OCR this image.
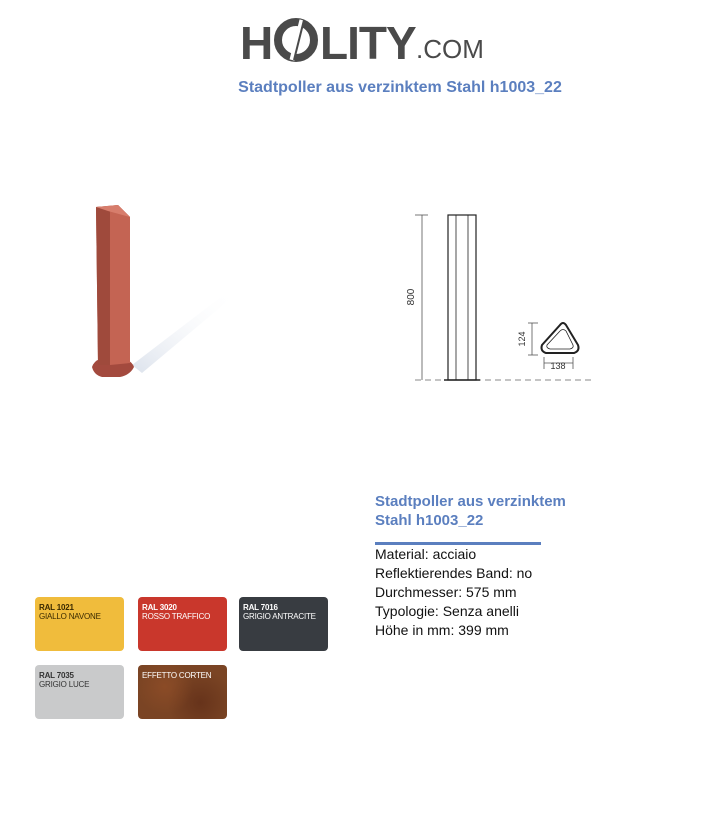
H LITY .COM
Stadtpoller aus verzinktem Stahl h1003_22
800
124
138
Stadtpoller aus verzinktem
Stahl h1003_22
Material: acciaio
Reflektierendes Band: no
Durchmesser: 575 mm
Typologie: Senza anelli
Höhe in mm: 399 mm
RAL 1021
GIALLO NAVONE
RAL 3020
ROSSO TRAFFICO
RAL 7016
GRIGIO ANTRACITE
RAL 7035
GRIGIO LUCE
EFFETTO CORTEN
